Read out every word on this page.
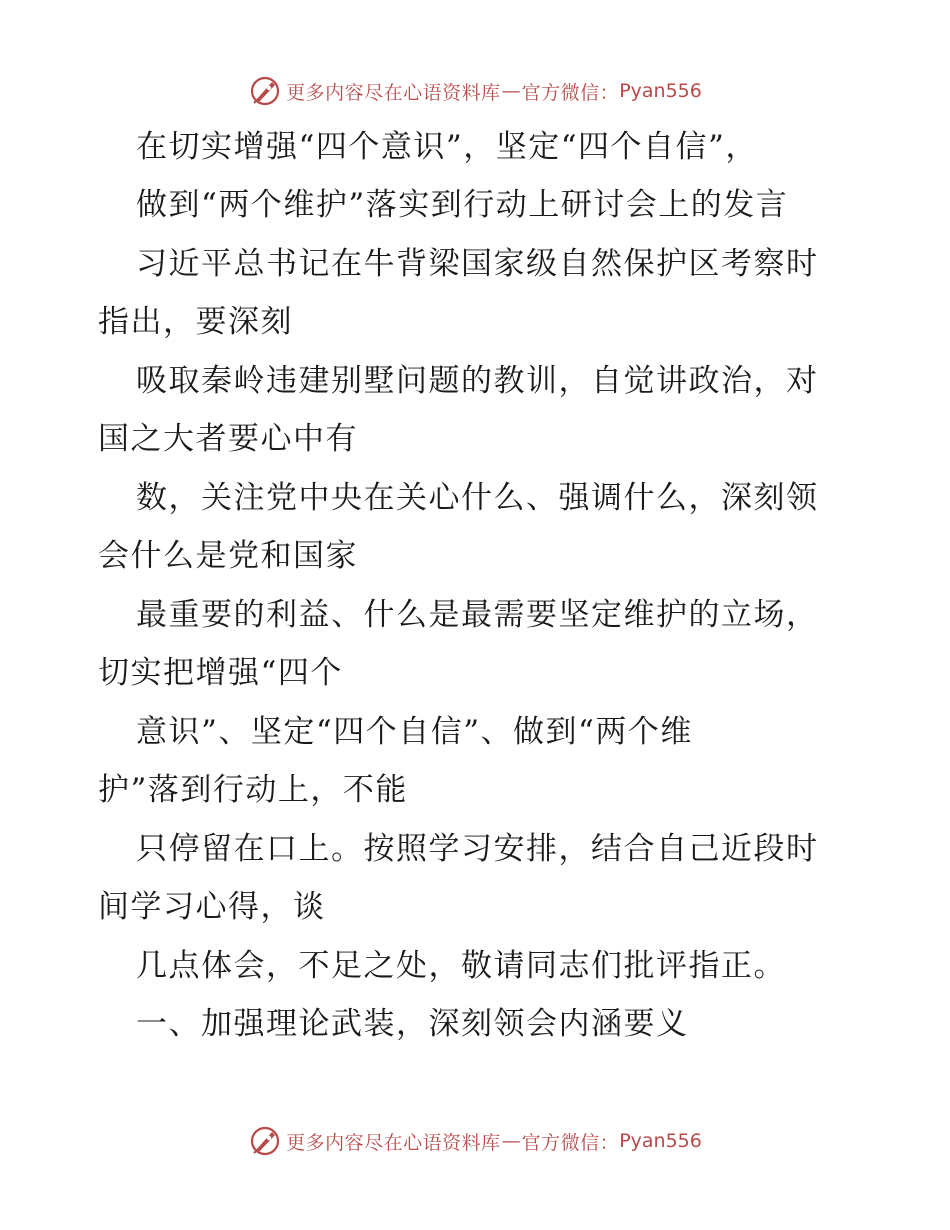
更多内容尽在心语资料库 — 官方微信： Pyan556
在切实增强“四个意识”，坚定“四个自信”，
做到“两个维护”落实到行动上研讨会上的发言
习近平总书记在牛背梁国家级自然保护区考察时
指出，要深刻
吸取秦岭违建别墅问题的教训，自觉讲政治，对
国之大者要心中有
数，关注党中央在关心什么、强调什么，深刻领
会什么是党和国家
最重要的利益、什么是最需要坚定维护的立场，
切实把增强“四个
意识”、坚定“四个自信”、做到“两个维
护”落到行动上，不能
只停留在口上。按照学习安排，结合自己近段时
间学习心得，谈
几点体会，不足之处，敬请同志们批评指正。
一、加强理论武装，深刻领会内涵要义
更多内容尽在心语资料库 — 官方微信： Pyan556
